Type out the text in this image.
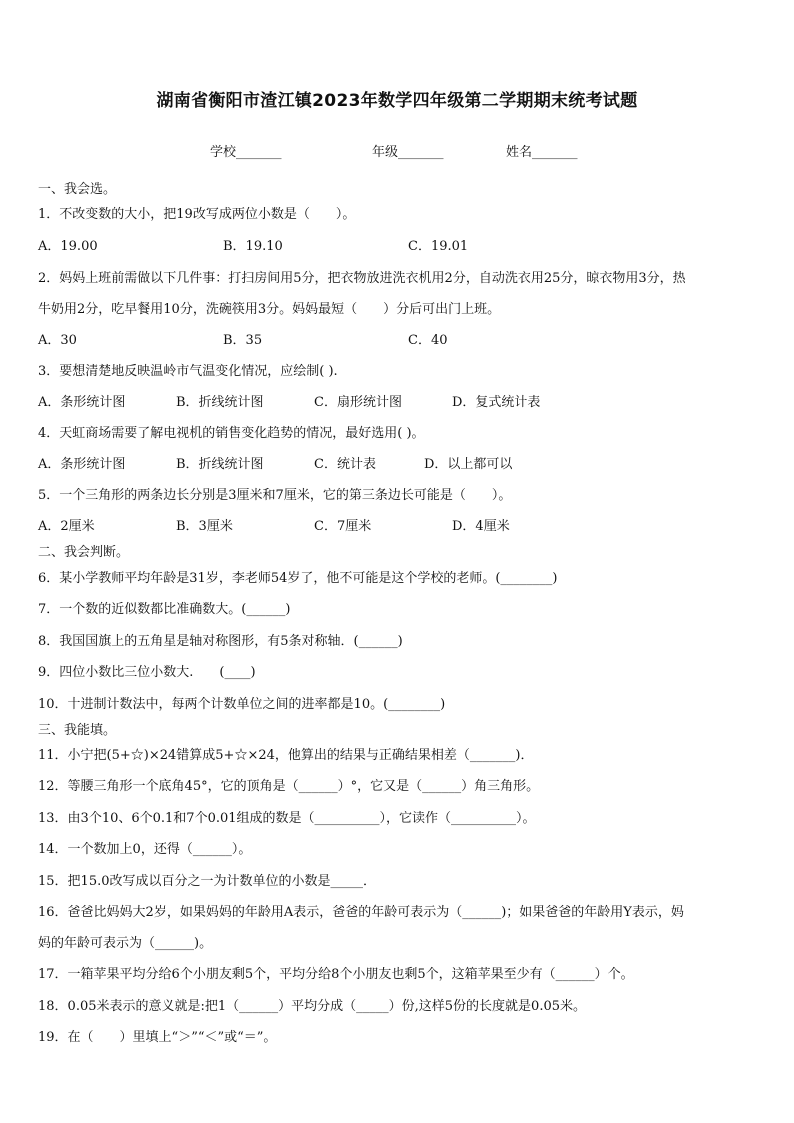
湖南省衡阳市渣江镇2023年数学四年级第二学期期末统考试题
学校_______	年级_______	姓名_______
一、我会选。
1．不改变数的大小，把19改写成两位小数是（　　）。
A．19.00	B．19.10	C．19.01
2．妈妈上班前需做以下几件事：打扫房间用5分，把衣物放进洗衣机用2分，自动洗衣用25分，晾衣物用3分，热
牛奶用2分，吃早餐用10分，洗碗筷用3分。妈妈最短（　　）分后可出门上班。
A．30	B．35	C．40
3．要想清楚地反映温岭市气温变化情况，应绘制( ).
A．条形统计图	B．折线统计图	C．扇形统计图	D．复式统计表
4．天虹商场需要了解电视机的销售变化趋势的情况，最好选用( )。
A．条形统计图	B．折线统计图	C．统计表	D．以上都可以
5．一个三角形的两条边长分别是3厘米和7厘米，它的第三条边长可能是（　　）。
A．2厘米	B．3厘米	C．7厘米	D．4厘米
二、我会判断。
6．某小学教师平均年龄是31岁，李老师54岁了，他不可能是这个学校的老师。(________)
7．一个数的近似数都比准确数大。(______)
8．我国国旗上的五角星是轴对称图形，有5条对称轴．(______)
9．四位小数比三位小数大.　　(____)
10．十进制计数法中，每两个计数单位之间的进率都是10。(________)
三、我能填。
11．小宁把(5+☆)×24错算成5+☆×24，他算出的结果与正确结果相差（_______)．
12．等腰三角形一个底角45°，它的顶角是（______）°，它又是（______）角三角形。
13．由3个10、6个0.1和7个0.01组成的数是（__________），它读作（__________）。
14．一个数加上0，还得（______）。
15．把15.0改写成以百分之一为计数单位的小数是_____．
16．爸爸比妈妈大2岁，如果妈妈的年龄用A表示，爸爸的年龄可表示为（______)；如果爸爸的年龄用Y表示，妈
妈的年龄可表示为（______)。
17．一箱苹果平均分给6个小朋友剩5个，平均分给8个小朋友也剩5个，这箱苹果至少有（______）个。
18．0.05米表示的意义就是:把1（______）平均分成（_____）份,这样5份的长度就是0.05米。
19．在（　　）里填上“＞”“＜”或“＝”。
